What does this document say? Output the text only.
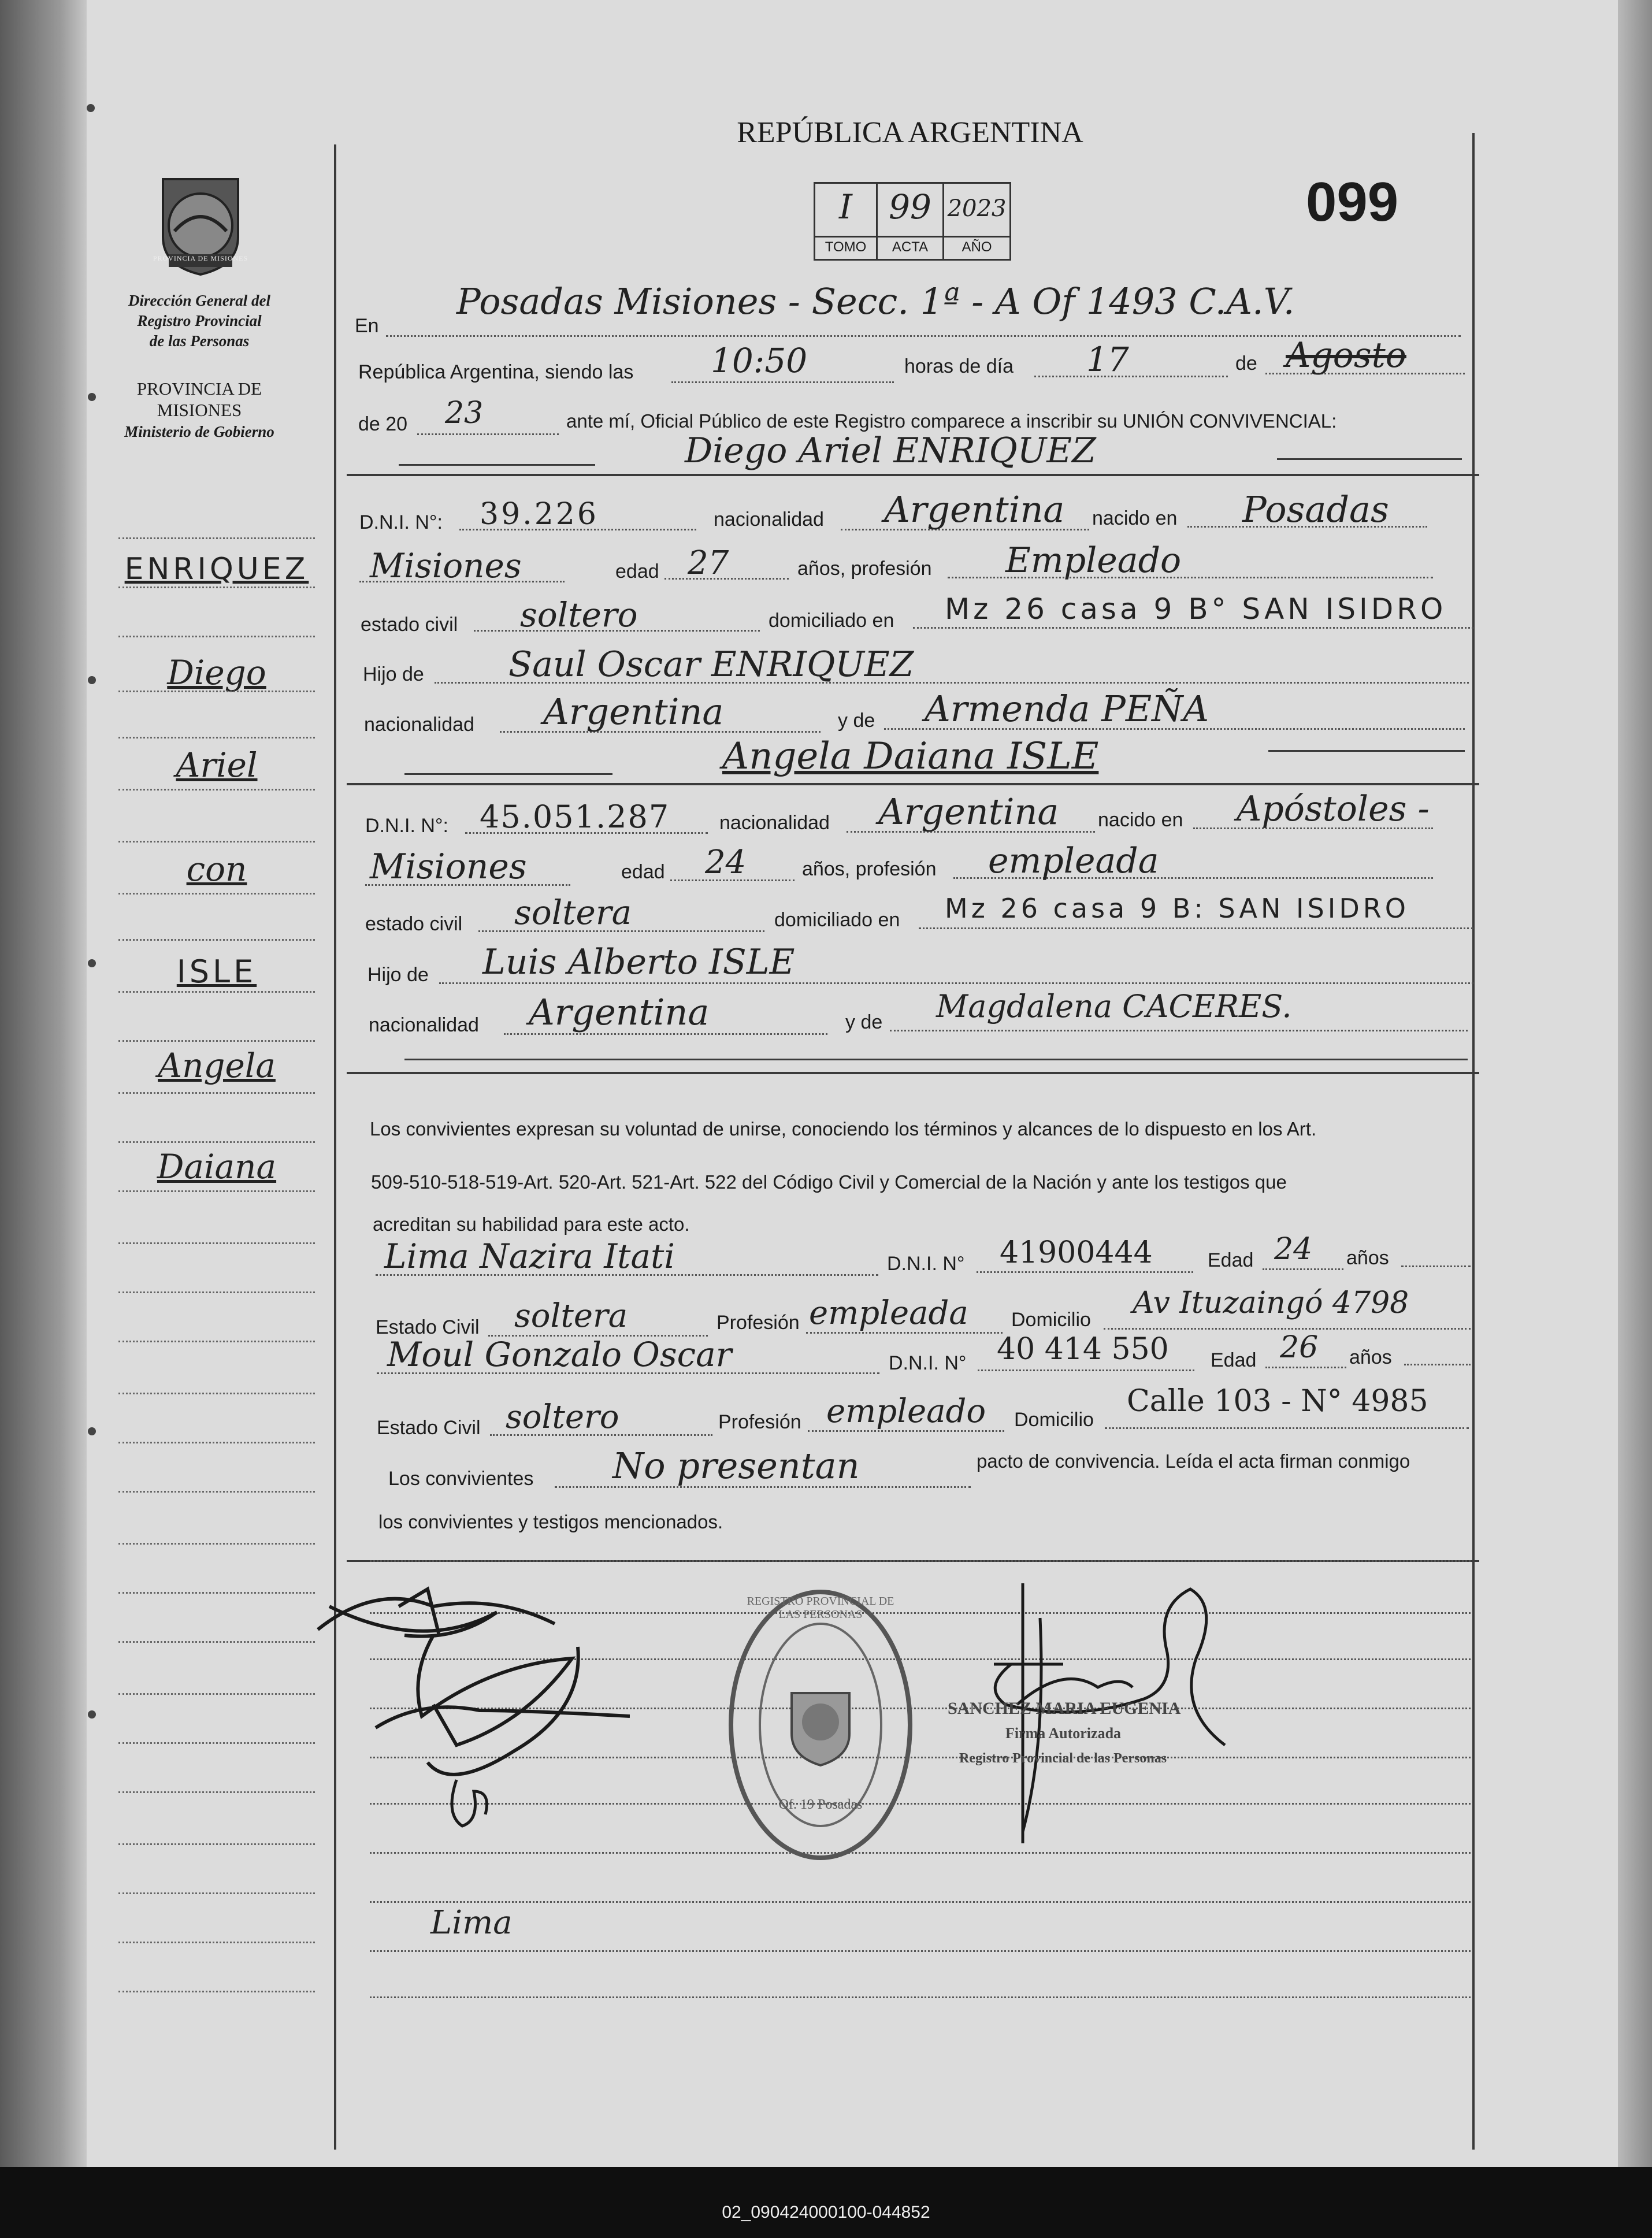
REPÚBLICA ARGENTINA
I	99 2023
TOMO	ACTA	AÑO
099
PROVINCIA DE MISIONES
Dirección General del
Registro Provincial
de las Personas
PROVINCIA DE
MISIONES
Ministerio de Gobierno
ENRIQUEZ
Diego
Ariel
con
ISLE
Angela
Daiana
En
Posadas Misiones - Secc. 1ª - A Of 1493 C.A.V.
República Argentina, siendo las 10:50	horas de día 17	de Agosto
de 20 23	ante mí, Oficial Público de este Registro comparece a inscribir su UNIÓN CONVIVENCIAL:
Diego Ariel ENRIQUEZ
D.N.I. N°: 39.226	nacionalidad Argentina nacido en Posadas
Misiones	edad 27	años, profesión Empleado
estado civil soltero	domiciliado en Mz 26 casa 9 B° SAN ISIDRO
Hijo de Saul Oscar ENRIQUEZ
nacionalidad Argentina	y de Armenda PEÑA
Angela Daiana ISLE
D.N.I. N°: 45.051.287	nacionalidad Argentina nacido en Apóstoles -
Misiones	edad 24	años, profesión empleada
estado civil soltera	domiciliado en Mz 26 casa 9 B: SAN ISIDRO
Hijo de Luis Alberto ISLE
nacionalidad Argentina	y de Magdalena CACERES.
Los convivientes expresan su voluntad de unirse, conociendo los términos y alcances de lo dispuesto en los Art.
509-510-518-519-Art. 520-Art. 521-Art. 522 del Código Civil y Comercial de la Nación y ante los testigos que
acreditan su habilidad para este acto.
Lima Nazira Itati	D.N.I. N° 41900444	Edad 24 años
Estado Civil soltera	Profesión empleada Domicilio Av Ituzaingó 4798
Moul Gonzalo Oscar	D.N.I. N° 40 414 550 Edad 26 años
Estado Civil soltero	Profesión empleado Domicilio
Calle 103 - N° 4985
Los convivientes No presentan	pacto de convivencia. Leída el acta firman conmigo
los convivientes y testigos mencionados.
Lima
REGISTRO PROVINCIAL DE LAS PERSONAS
Of. 19 Posadas
SANCHEZ MARIA EUGENIA
Firma Autorizada
Registro Provincial de las Personas
02_090424000100-044852
